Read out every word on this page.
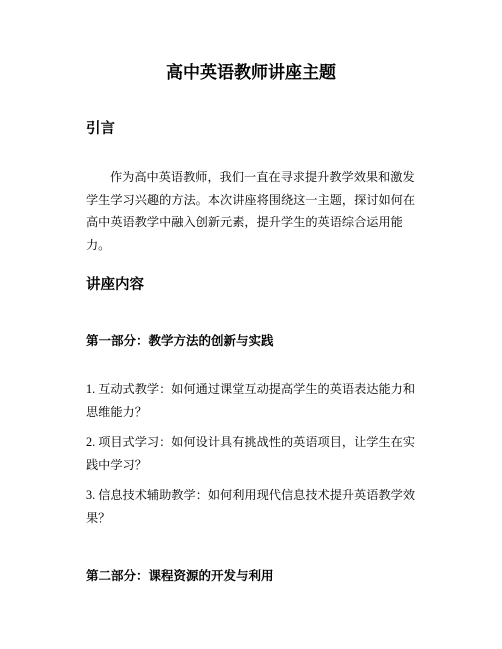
高中英语教师讲座主题
引言

作为高中英语教师，我们一直在寻求提升教学效果和激发学生学习兴趣的方法。本次讲座将围绕这一主题，探讨如何在高中英语教学中融入创新元素，提升学生的英语综合运用能力。

讲座内容
第一部分：教学方法的创新与实践

1. 互动式教学：如何通过课堂互动提高学生的英语表达能力和思维能力？

2. 项目式学习：如何设计具有挑战性的英语项目，让学生在实践中学习？

3. 信息技术辅助教学：如何利用现代信息技术提升英语教学效果？

第二部分：课程资源的开发与利用
